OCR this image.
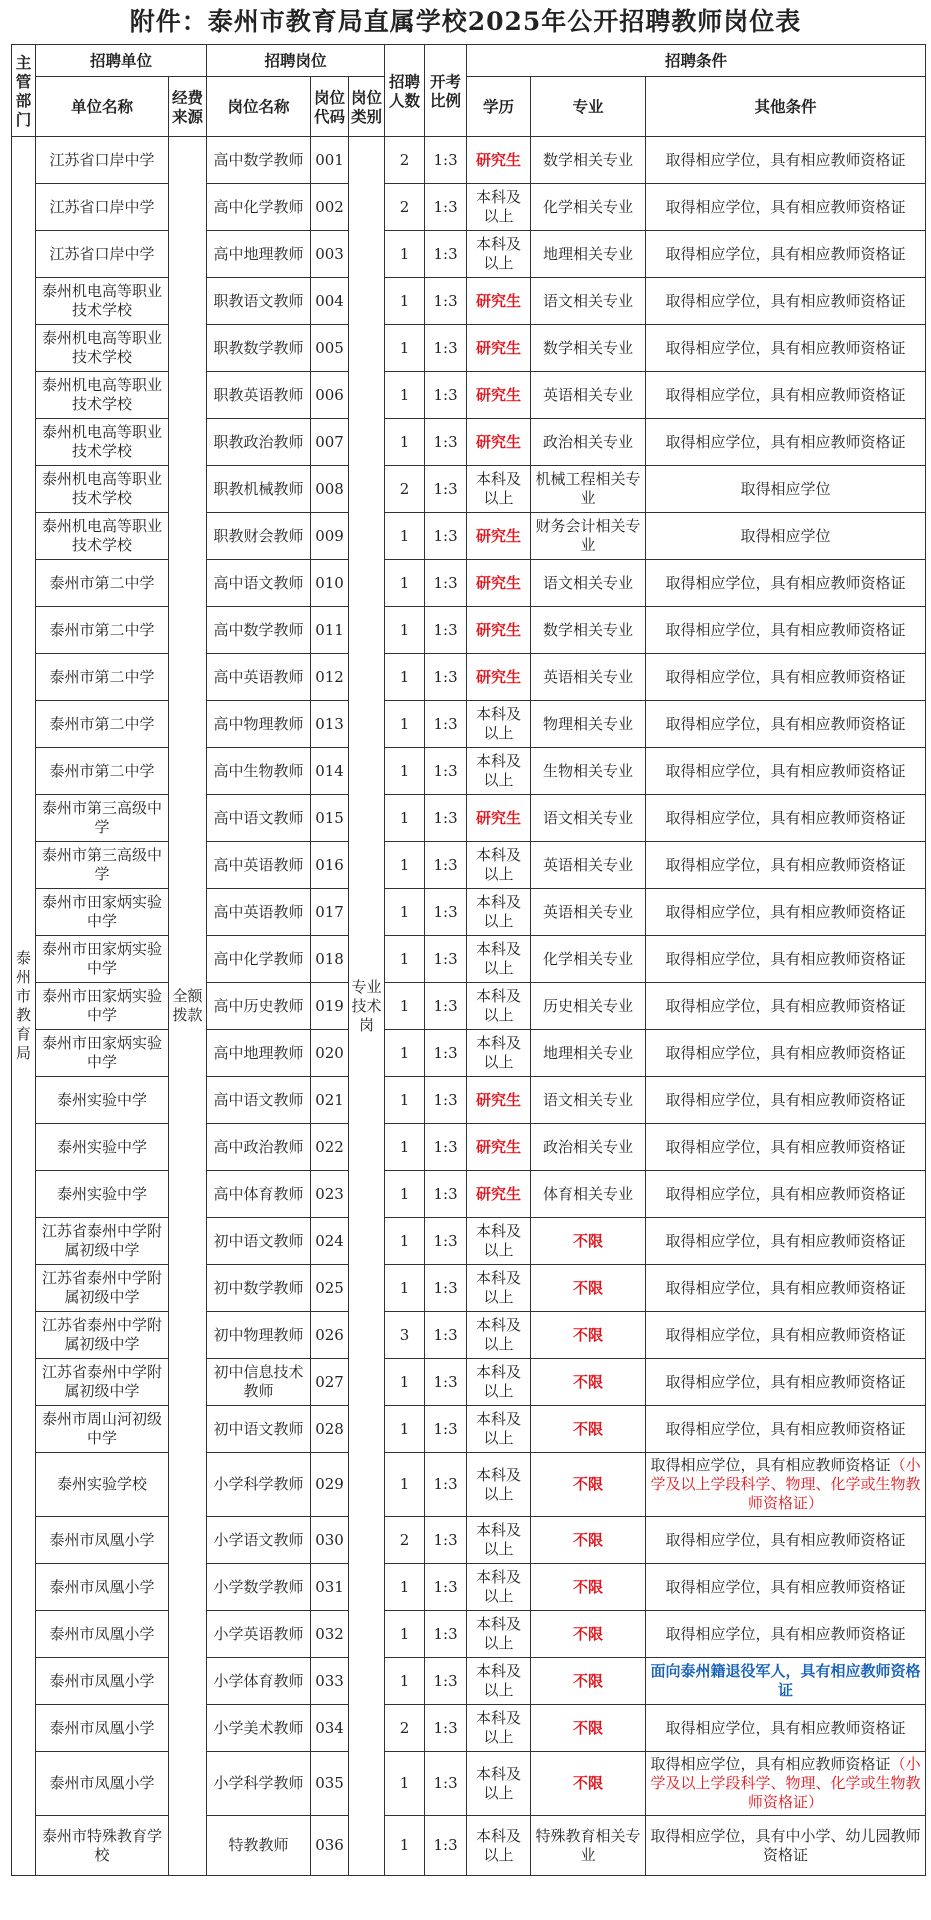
附件：泰州市教育局直属学校2025年公开招聘教师岗位表
主管部门	招聘单位		招聘岗位			招聘人数	开考比例	招聘条件		
	单位名称	经费来源	岗位名称	岗位代码	岗位类别			学历	专业	其他条件
泰州市教育局	江苏省口岸中学	全额拨款	高中数学教师	001	专业技术岗	2	1:3	研究生	数学相关专业	取得相应学位，具有相应教师资格证
	江苏省口岸中学		高中化学教师	002		2	1:3	本科及以上	化学相关专业	取得相应学位，具有相应教师资格证
	江苏省口岸中学		高中地理教师	003		1	1:3	本科及以上	地理相关专业	取得相应学位，具有相应教师资格证
	泰州机电高等职业技术学校		职教语文教师	004		1	1:3	研究生	语文相关专业	取得相应学位，具有相应教师资格证
	泰州机电高等职业技术学校		职教数学教师	005		1	1:3	研究生	数学相关专业	取得相应学位，具有相应教师资格证
	泰州机电高等职业技术学校		职教英语教师	006		1	1:3	研究生	英语相关专业	取得相应学位，具有相应教师资格证
	泰州机电高等职业技术学校		职教政治教师	007		1	1:3	研究生	政治相关专业	取得相应学位，具有相应教师资格证
	泰州机电高等职业技术学校		职教机械教师	008		2	1:3	本科及以上	机械工程相关专业	取得相应学位
	泰州机电高等职业技术学校		职教财会教师	009		1	1:3	研究生	财务会计相关专业	取得相应学位
	泰州市第二中学		高中语文教师	010		1	1:3	研究生	语文相关专业	取得相应学位，具有相应教师资格证
	泰州市第二中学		高中数学教师	011		1	1:3	研究生	数学相关专业	取得相应学位，具有相应教师资格证
	泰州市第二中学		高中英语教师	012		1	1:3	研究生	英语相关专业	取得相应学位，具有相应教师资格证
	泰州市第二中学		高中物理教师	013		1	1:3	本科及以上	物理相关专业	取得相应学位，具有相应教师资格证
	泰州市第二中学		高中生物教师	014		1	1:3	本科及以上	生物相关专业	取得相应学位，具有相应教师资格证
	泰州市第三高级中学		高中语文教师	015		1	1:3	研究生	语文相关专业	取得相应学位，具有相应教师资格证
	泰州市第三高级中学		高中英语教师	016		1	1:3	本科及以上	英语相关专业	取得相应学位，具有相应教师资格证
	泰州市田家炳实验中学		高中英语教师	017		1	1:3	本科及以上	英语相关专业	取得相应学位，具有相应教师资格证
	泰州市田家炳实验中学		高中化学教师	018		1	1:3	本科及以上	化学相关专业	取得相应学位，具有相应教师资格证
	泰州市田家炳实验中学		高中历史教师	019		1	1:3	本科及以上	历史相关专业	取得相应学位，具有相应教师资格证
	泰州市田家炳实验中学		高中地理教师	020		1	1:3	本科及以上	地理相关专业	取得相应学位，具有相应教师资格证
	泰州实验中学		高中语文教师	021		1	1:3	研究生	语文相关专业	取得相应学位，具有相应教师资格证
	泰州实验中学		高中政治教师	022		1	1:3	研究生	政治相关专业	取得相应学位，具有相应教师资格证
	泰州实验中学		高中体育教师	023		1	1:3	研究生	体育相关专业	取得相应学位，具有相应教师资格证
	江苏省泰州中学附属初级中学		初中语文教师	024		1	1:3	本科及以上	不限	取得相应学位，具有相应教师资格证
	江苏省泰州中学附属初级中学		初中数学教师	025		1	1:3	本科及以上	不限	取得相应学位，具有相应教师资格证
	江苏省泰州中学附属初级中学		初中物理教师	026		3	1:3	本科及以上	不限	取得相应学位，具有相应教师资格证
	江苏省泰州中学附属初级中学		初中信息技术教师	027		1	1:3	本科及以上	不限	取得相应学位，具有相应教师资格证
	泰州市周山河初级中学		初中语文教师	028		1	1:3	本科及以上	不限	取得相应学位，具有相应教师资格证
	泰州实验学校		小学科学教师	029		1	1:3	本科及以上	不限	取得相应学位，具有相应教师资格证（小学及以上学段科学、物理、化学或生物教师资格证）
	泰州市凤凰小学		小学语文教师	030		2	1:3	本科及以上	不限	取得相应学位，具有相应教师资格证
	泰州市凤凰小学		小学数学教师	031		1	1:3	本科及以上	不限	取得相应学位，具有相应教师资格证
	泰州市凤凰小学		小学英语教师	032		1	1:3	本科及以上	不限	取得相应学位，具有相应教师资格证
	泰州市凤凰小学		小学体育教师	033		1	1:3	本科及以上	不限	面向泰州籍退役军人，具有相应教师资格证
	泰州市凤凰小学		小学美术教师	034		2	1:3	本科及以上	不限	取得相应学位，具有相应教师资格证
	泰州市凤凰小学		小学科学教师	035		1	1:3	本科及以上	不限	取得相应学位，具有相应教师资格证（小学及以上学段科学、物理、化学或生物教师资格证）
	泰州市特殊教育学校		特教教师	036		1	1:3	本科及以上	特殊教育相关专业	取得相应学位，具有中小学、幼儿园教师资格证
